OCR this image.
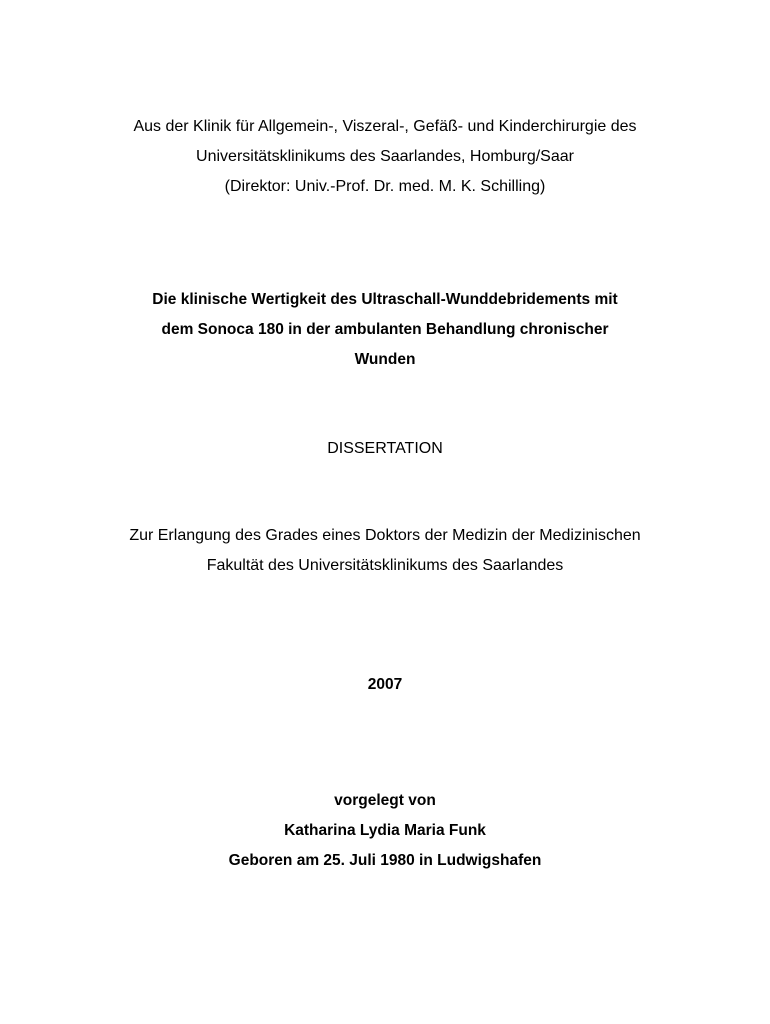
Aus der Klinik für Allgemein-, Viszeral-, Gefäß- und Kinderchirurgie des
Universitätsklinikums des Saarlandes, Homburg/Saar
(Direktor: Univ.-Prof. Dr. med. M. K. Schilling)
Die klinische Wertigkeit des Ultraschall-Wunddebridements mit
dem Sonoca 180 in der ambulanten Behandlung chronischer
Wunden
DISSERTATION
Zur Erlangung des Grades eines Doktors der Medizin der Medizinischen
Fakultät des Universitätsklinikums des Saarlandes
2007
vorgelegt von
Katharina Lydia Maria Funk
Geboren am 25. Juli 1980 in Ludwigshafen
